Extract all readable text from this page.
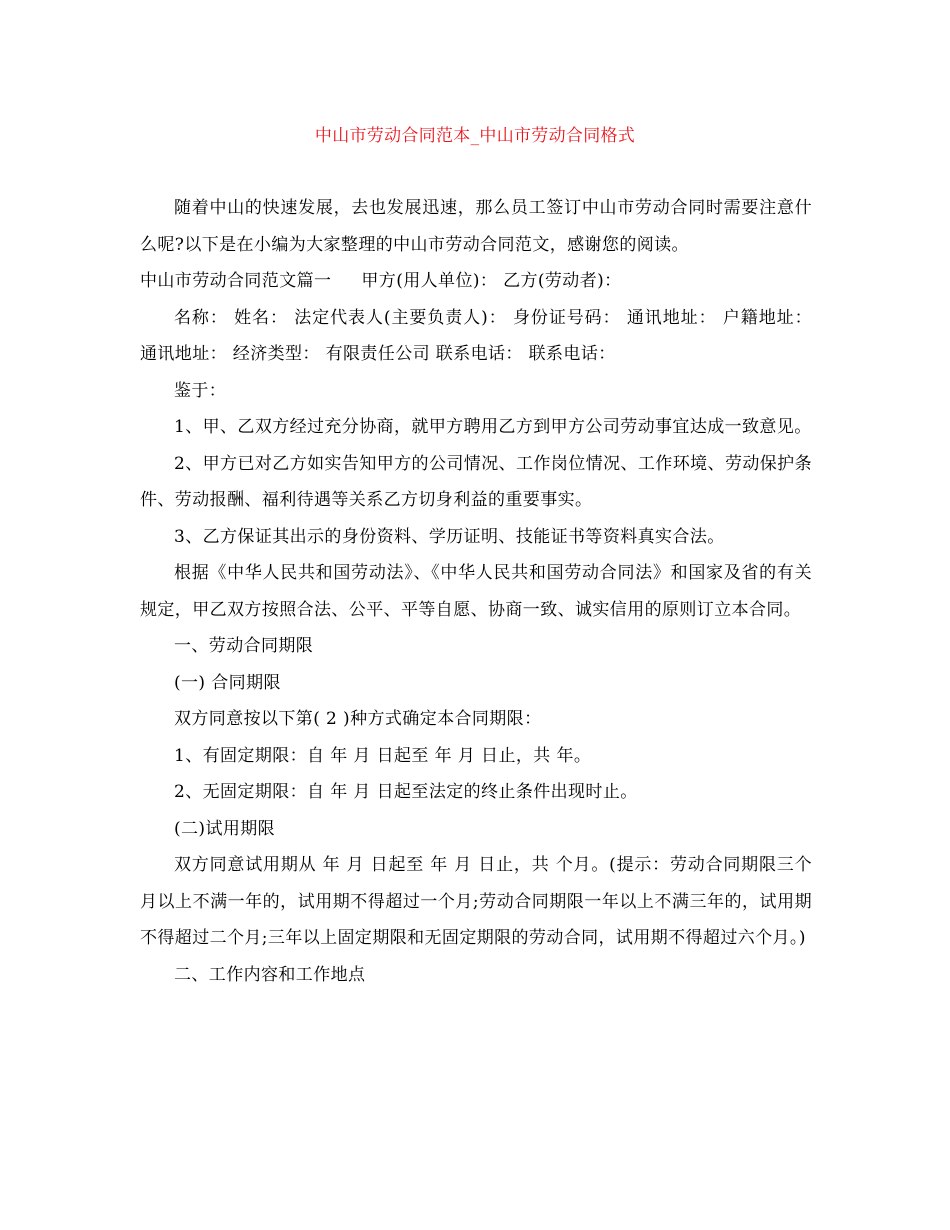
中山市劳动合同范本_中山市劳动合同格式

随着中山的快速发展，去也发展迅速，那么员工签订中山市劳动合同时需要注意什么呢?以下是在小编为大家整理的中山市劳动合同范文，感谢您的阅读。

中山市劳动合同范文篇一 甲方(用人单位)： 乙方(劳动者)：

名称： 姓名： 法定代表人(主要负责人)： 身份证号码： 通讯地址： 户籍地址： 通讯地址： 经济类型： 有限责任公司 联系电话： 联系电话：

鉴于：

1、甲、乙双方经过充分协商，就甲方聘用乙方到甲方公司劳动事宜达成一致意见。

2、甲方已对乙方如实告知甲方的公司情况、工作岗位情况、工作环境、劳动保护条件、劳动报酬、福利待遇等关系乙方切身利益的重要事实。

3、乙方保证其出示的身份资料、学历证明、技能证书等资料真实合法。

根据《中华人民共和国劳动法》、《中华人民共和国劳动合同法》和国家及省的有关规定，甲乙双方按照合法、公平、平等自愿、协商一致、诚实信用的原则订立本合同。

一、劳动合同期限

(一) 合同期限

双方同意按以下第( 2 )种方式确定本合同期限：

1、有固定期限：自 年 月 日起至 年 月 日止，共 年。

2、无固定期限：自 年 月 日起至法定的终止条件出现时止。

(二)试用期限

双方同意试用期从 年 月 日起至 年 月 日止，共 个月。(提示：劳动合同期限三个月以上不满一年的，试用期不得超过一个月;劳动合同期限一年以上不满三年的，试用期不得超过二个月;三年以上固定期限和无固定期限的劳动合同，试用期不得超过六个月。)

二、工作内容和工作地点
